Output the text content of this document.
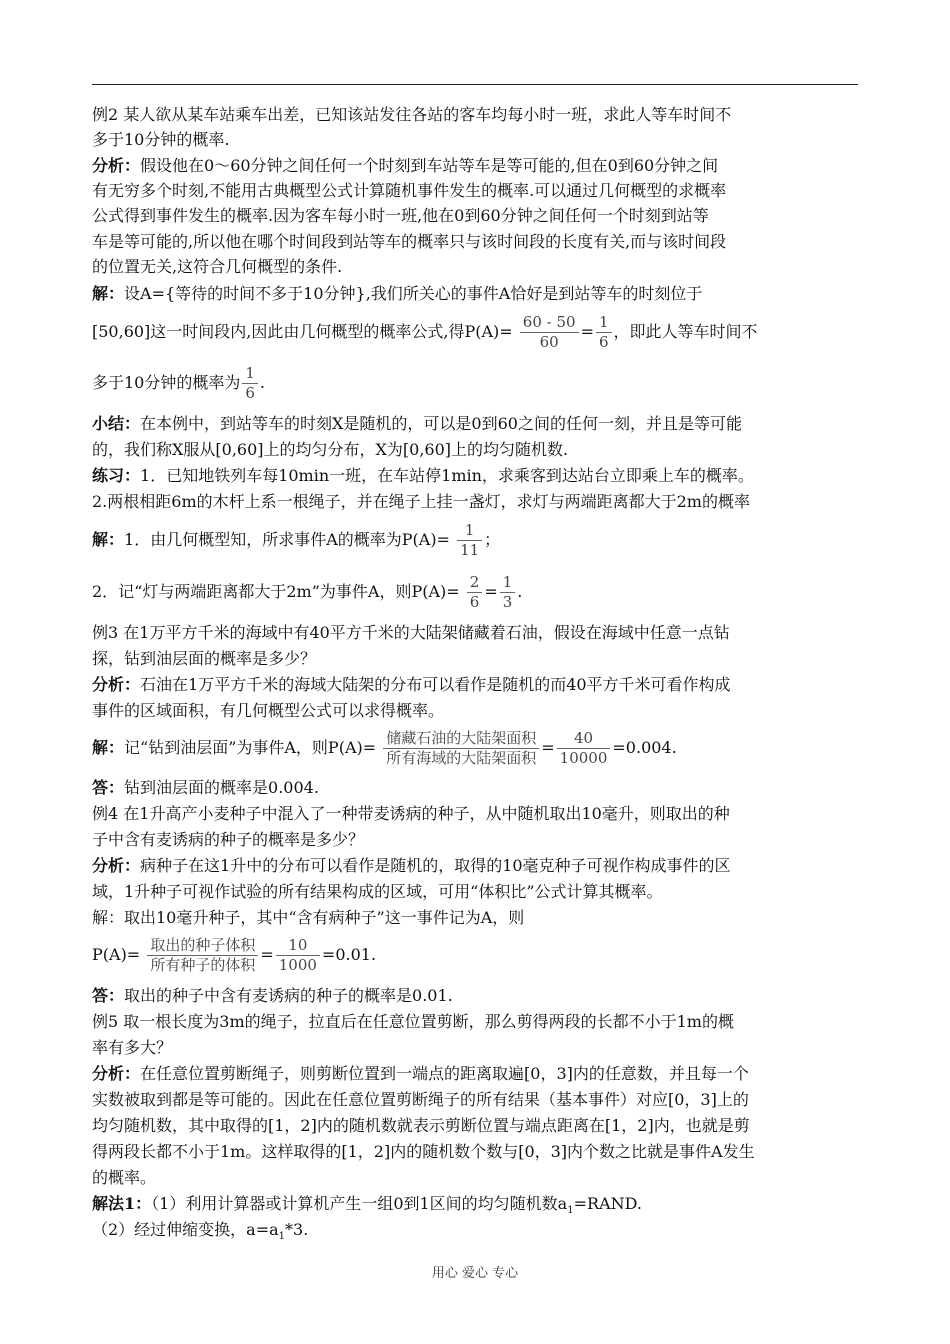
例2 某人欲从某车站乘车出差，已知该站发往各站的客车均每小时一班，求此人等车时间不
多于10分钟的概率.
分析：假设他在0～60分钟之间任何一个时刻到车站等车是等可能的,但在0到60分钟之间
有无穷多个时刻,不能用古典概型公式计算随机事件发生的概率.可以通过几何概型的求概率
公式得到事件发生的概率.因为客车每小时一班,他在0到60分钟之间任何一个时刻到站等
车是等可能的,所以他在哪个时间段到站等车的概率只与该时间段的长度有关,而与该时间段
的位置无关,这符合几何概型的条件.
解：设A={等待的时间不多于10分钟},我们所关心的事件A恰好是到站等车的时刻位于
[50,60]这一时间段内,因此由几何概型的概率公式,得$P(A)= \frac{60 - 50}{60} = \frac{1}{6}$ ，即此人等车时间不
多于10分钟的概率为 $\frac{1}{6}$ .
小结：在本例中，到站等车的时刻X是随机的，可以是0到60之间的任何一刻，并且是等可能
的，我们称X服从[0,60]上的均匀分布，X为[0,60]上的均匀随机数.
练习：1．已知地铁列车每10min一班，在车站停1min，求乘客到达站台立即乘上车的概率。
2.两根相距6m的木杆上系一根绳子，并在绳子上挂一盏灯，求灯与两端距离都大于2m的概率
解：1．由几何概型知，所求事件A的概率为$P(A)= \frac{1}{11}$ ；
2．记“灯与两端距离都大于2m”为事件A，则$P(A)= \frac{2}{6} = \frac{1}{3}$ .
例3 在1万平方千米的海域中有40平方千米的大陆架储藏着石油，假设在海域中任意一点钻
探，钻到油层面的概率是多少？
分析：石油在1万平方千米的海域大陆架的分布可以看作是随机的而40平方千米可看作构成
事件的区域面积，有几何概型公式可以求得概率。
解：记“钻到油层面”为事件A，则$P(A)= \frac{\text{储藏石油的大陆架面积}}{\text{所有海域的大陆架面积}} = \frac{40}{10000} =0.004$.
答：钻到油层面的概率是0.004.
例4 在1升高产小麦种子中混入了一种带麦诱病的种子，从中随机取出10毫升，则取出的种
子中含有麦诱病的种子的概率是多少？
分析：病种子在这1升中的分布可以看作是随机的，取得的10毫克种子可视作构成事件的区
域，1升种子可视作试验的所有结果构成的区域，可用“体积比”公式计算其概率。
解：取出10毫升种子，其中“含有病种子”这一事件记为A，则
$P(A)= \frac{\text{取出的种子体积}}{\text{所有种子的体积}} = \frac{10}{1000} =0.01$.
答：取出的种子中含有麦诱病的种子的概率是0.01.
例5 取一根长度为3m的绳子，拉直后在任意位置剪断，那么剪得两段的长都不小于1m的概
率有多大？
分析：在任意位置剪断绳子，则剪断位置到一端点的距离取遍[0，3]内的任意数，并且每一个
实数被取到都是等可能的。因此在任意位置剪断绳子的所有结果（基本事件）对应[0，3]上的
均匀随机数，其中取得的[1，2]内的随机数就表示剪断位置与端点距离在[1，2]内，也就是剪
得两段长都不小于1m。这样取得的[1，2]内的随机数个数与[0，3]内个数之比就是事件A发生
的概率。
解法1：（1）利用计算器或计算机产生一组0到1区间的均匀随机数$a_1=RAND$.
（2）经过伸缩变换，$a=a_1*3$.
用心 爱心 专心
